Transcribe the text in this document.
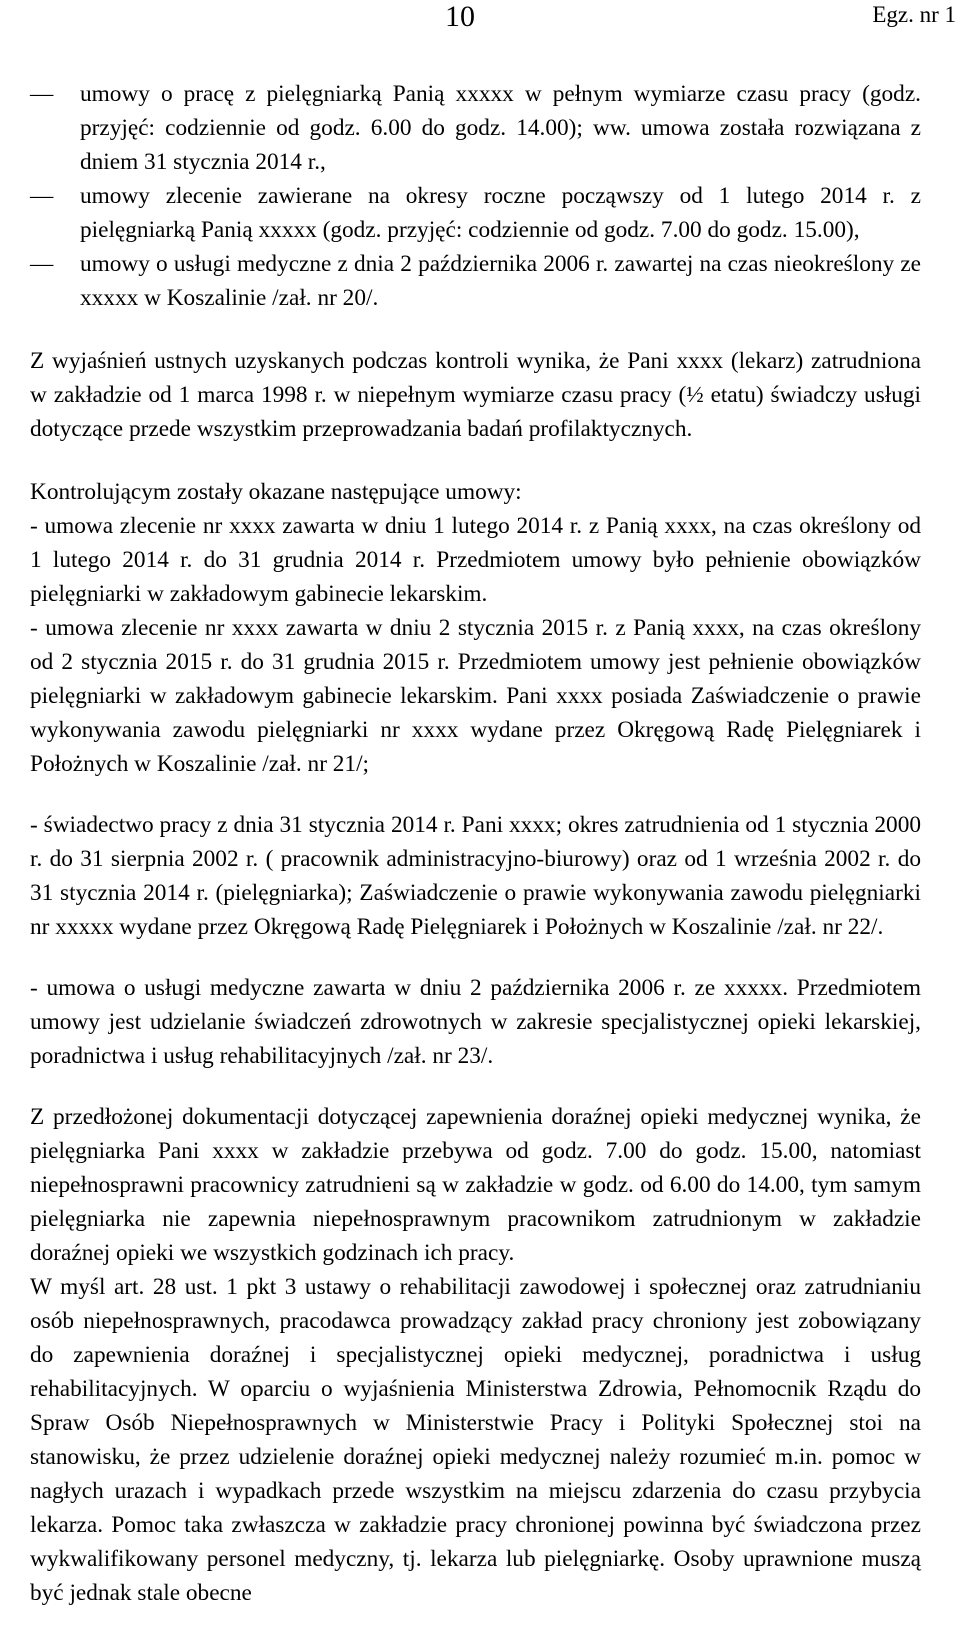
10	Egz. nr 1
—	umowy o pracę z pielęgniarką Panią xxxxx w pełnym wymiarze czasu pracy (godz. przyjęć: codziennie od godz. 6.00 do godz. 14.00); ww. umowa została rozwiązana z dniem 31 stycznia 2014 r.,
—	umowy zlecenie zawierane na okresy roczne począwszy od 1 lutego 2014 r. z pielęgniarką Panią xxxxx (godz. przyjęć: codziennie od godz. 7.00 do godz. 15.00),
—	umowy o usługi medyczne z dnia 2 października 2006 r. zawartej na czas nieokreślony ze xxxxx w Koszalinie /zał. nr 20/.

Z wyjaśnień ustnych uzyskanych podczas kontroli wynika, że Pani xxxx (lekarz) zatrudniona w zakładzie od 1 marca 1998 r. w niepełnym wymiarze czasu pracy (½ etatu) świadczy usługi dotyczące przede wszystkim przeprowadzania badań profilaktycznych.

Kontrolującym zostały okazane następujące umowy:

- umowa zlecenie nr xxxx zawarta w dniu 1 lutego 2014 r. z Panią xxxx, na czas określony od 1 lutego 2014 r. do 31 grudnia 2014 r. Przedmiotem umowy było pełnienie obowiązków pielęgniarki w zakładowym gabinecie lekarskim.

- umowa zlecenie nr xxxx zawarta w dniu 2 stycznia 2015 r. z Panią xxxx, na czas określony od 2 stycznia 2015 r. do 31 grudnia 2015 r. Przedmiotem umowy jest pełnienie obowiązków pielęgniarki w zakładowym gabinecie lekarskim. Pani xxxx posiada Zaświadczenie o prawie wykonywania zawodu pielęgniarki nr xxxx wydane przez Okręgową Radę Pielęgniarek i Położnych w Koszalinie /zał. nr 21/;

- świadectwo pracy z dnia 31 stycznia 2014 r. Pani xxxx; okres zatrudnienia od 1 stycznia 2000 r. do 31 sierpnia 2002 r. ( pracownik administracyjno-biurowy) oraz od 1 września 2002 r. do 31 stycznia 2014 r. (pielęgniarka); Zaświadczenie o prawie wykonywania zawodu pielęgniarki nr xxxxx wydane przez Okręgową Radę Pielęgniarek i Położnych w Koszalinie /zał. nr 22/.

- umowa o usługi medyczne zawarta w dniu 2 października 2006 r. ze xxxxx. Przedmiotem umowy jest udzielanie świadczeń zdrowotnych w zakresie specjalistycznej opieki lekarskiej, poradnictwa i usług rehabilitacyjnych /zał. nr 23/.

Z przedłożonej dokumentacji dotyczącej zapewnienia doraźnej opieki medycznej wynika, że pielęgniarka Pani xxxx w zakładzie przebywa od godz. 7.00 do godz. 15.00, natomiast niepełnosprawni pracownicy zatrudnieni są w zakładzie w godz. od 6.00 do 14.00, tym samym pielęgniarka nie zapewnia niepełnosprawnym pracownikom zatrudnionym w zakładzie doraźnej opieki we wszystkich godzinach ich pracy.

W myśl art. 28 ust. 1 pkt 3 ustawy o rehabilitacji zawodowej i społecznej oraz zatrudnianiu osób niepełnosprawnych, pracodawca prowadzący zakład pracy chroniony jest zobowiązany do zapewnienia doraźnej i specjalistycznej opieki medycznej, poradnictwa i usług rehabilitacyjnych. W oparciu o wyjaśnienia Ministerstwa Zdrowia, Pełnomocnik Rządu do Spraw Osób Niepełnosprawnych w Ministerstwie Pracy i Polityki Społecznej stoi na stanowisku, że przez udzielenie doraźnej opieki medycznej należy rozumieć m.in. pomoc w nagłych urazach i wypadkach przede wszystkim na miejscu zdarzenia do czasu przybycia lekarza. Pomoc taka zwłaszcza w zakładzie pracy chronionej powinna być świadczona przez wykwalifikowany personel medyczny, tj. lekarza lub pielęgniarkę. Osoby uprawnione muszą być jednak stale obecne
